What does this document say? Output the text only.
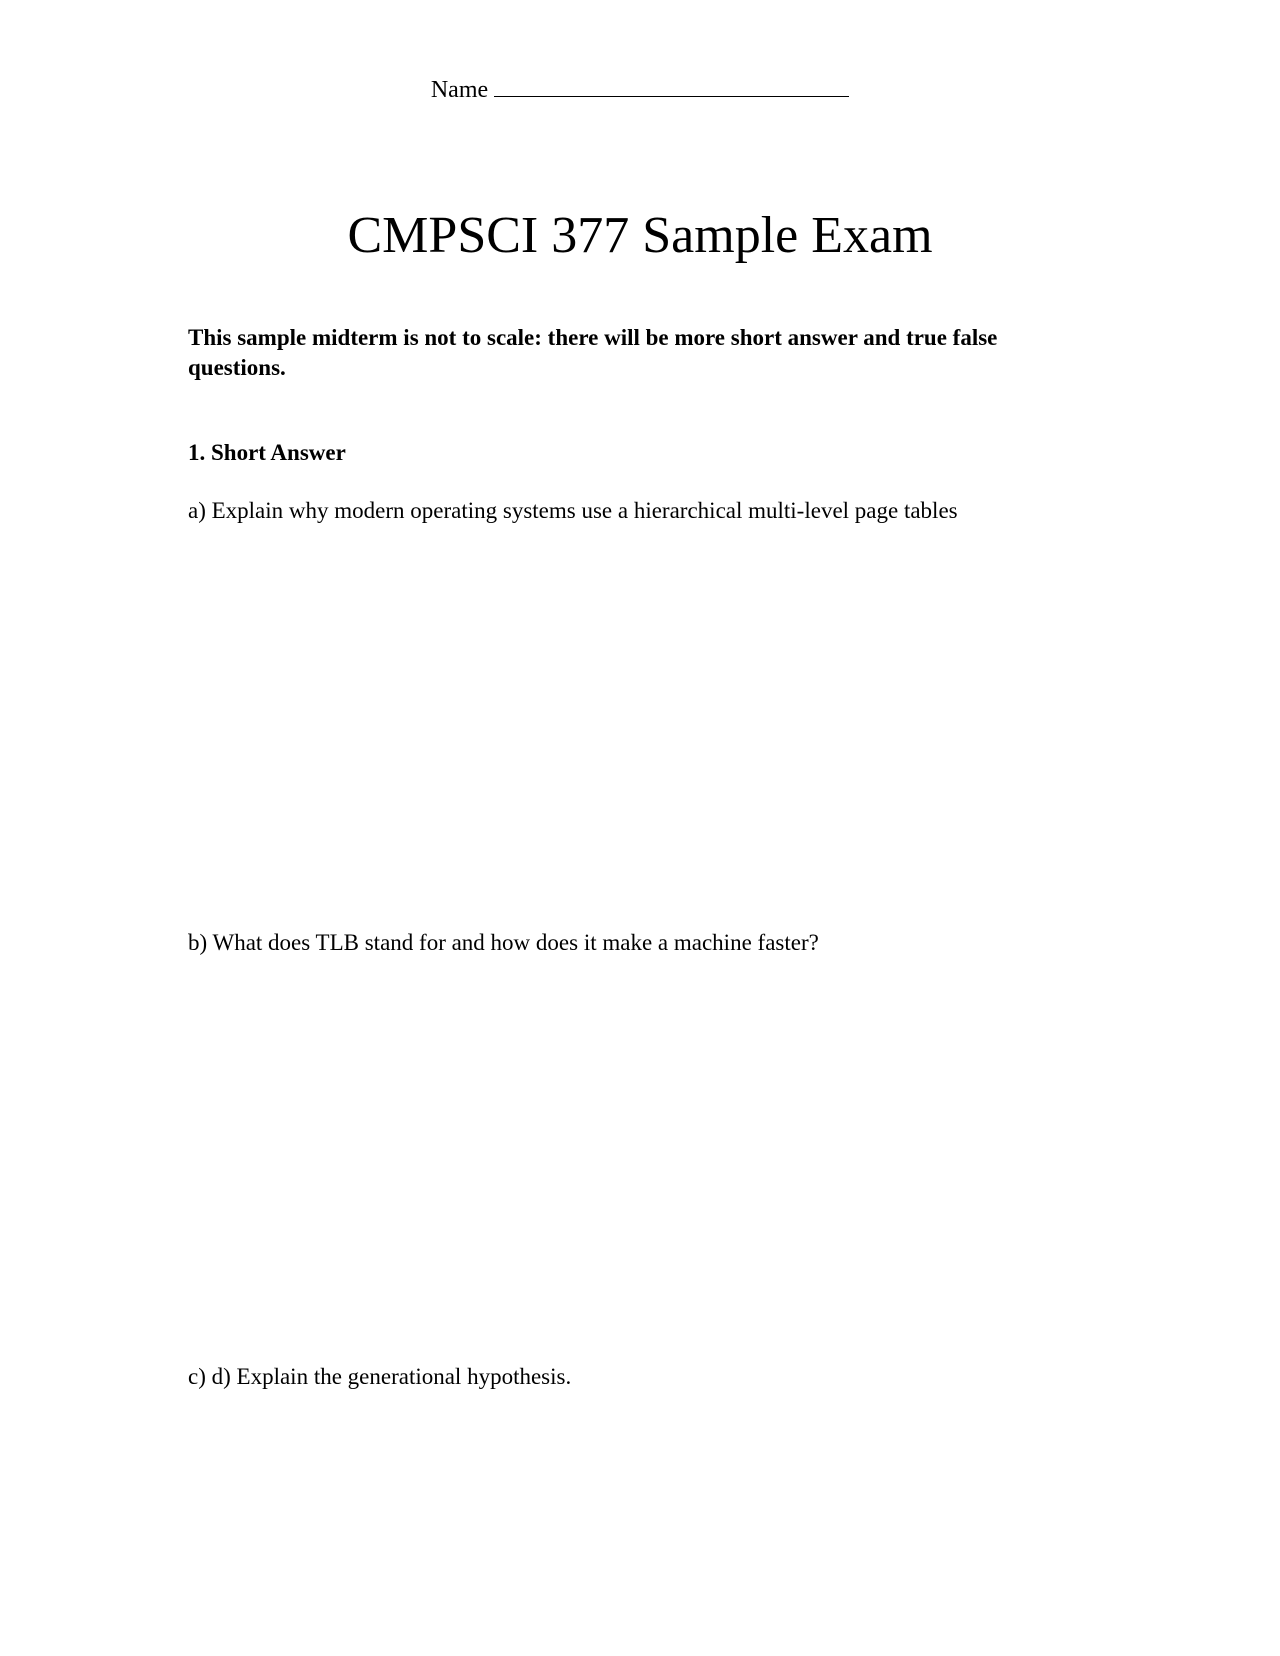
Name
CMPSCI 377 Sample Exam

This sample midterm is not to scale: there will be more short answer and true false questions.

1. Short Answer

a) Explain why modern operating systems use a hierarchical multi-level page tables

b) What does TLB stand for and how does it make a machine faster?

c) d) Explain the generational hypothesis.
